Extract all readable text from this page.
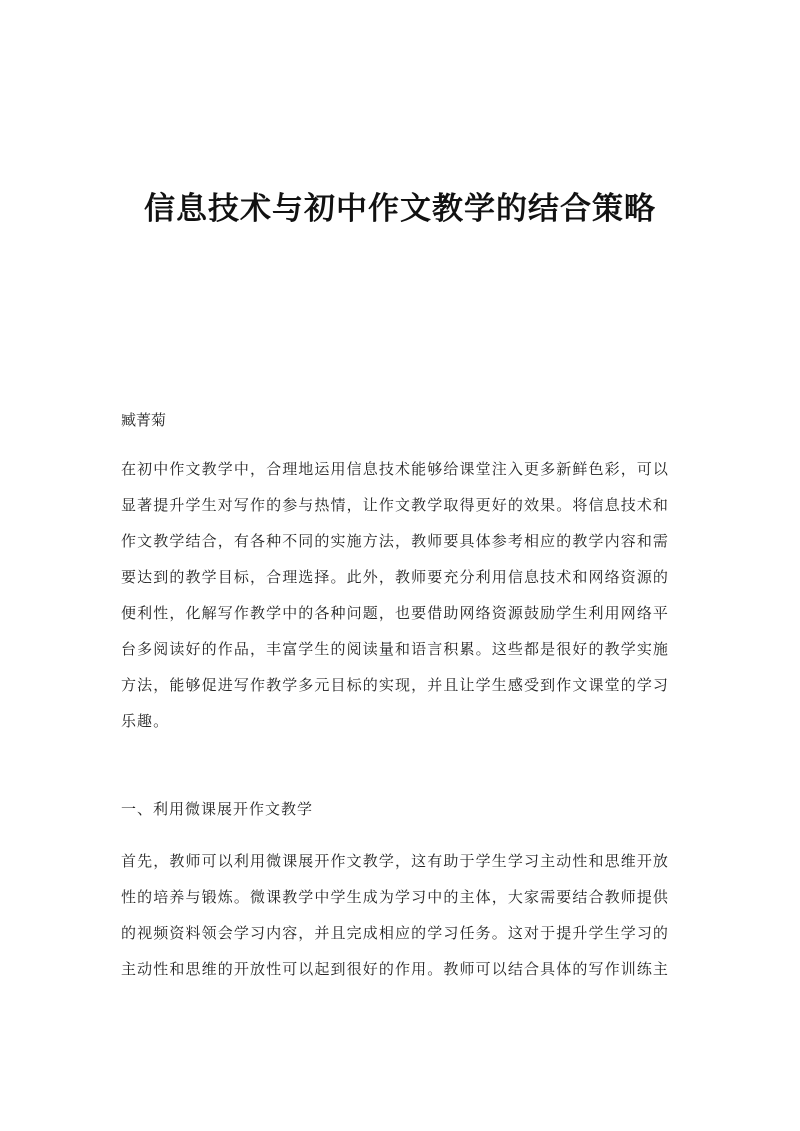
信息技术与初中作文教学的结合策略

臧菁菊

在初中作文教学中，合理地运用信息技术能够给课堂注入更多新鲜色彩，可以
显著提升学生对写作的参与热情，让作文教学取得更好的效果。将信息技术和
作文教学结合，有各种不同的实施方法，教师要具体参考相应的教学内容和需
要达到的教学目标，合理选择。此外，教师要充分利用信息技术和网络资源的
便利性，化解写作教学中的各种问题，也要借助网络资源鼓励学生利用网络平
台多阅读好的作品，丰富学生的阅读量和语言积累。这些都是很好的教学实施
方法，能够促进写作教学多元目标的实现，并且让学生感受到作文课堂的学习
乐趣。
一、利用微课展开作文教学
首先，教师可以利用微课展开作文教学，这有助于学生学习主动性和思维开放
性的培养与锻炼。微课教学中学生成为学习中的主体，大家需要结合教师提供
的视频资料领会学习内容，并且完成相应的学习任务。这对于提升学生学习的
主动性和思维的开放性可以起到很好的作用。教师可以结合具体的写作训练主
